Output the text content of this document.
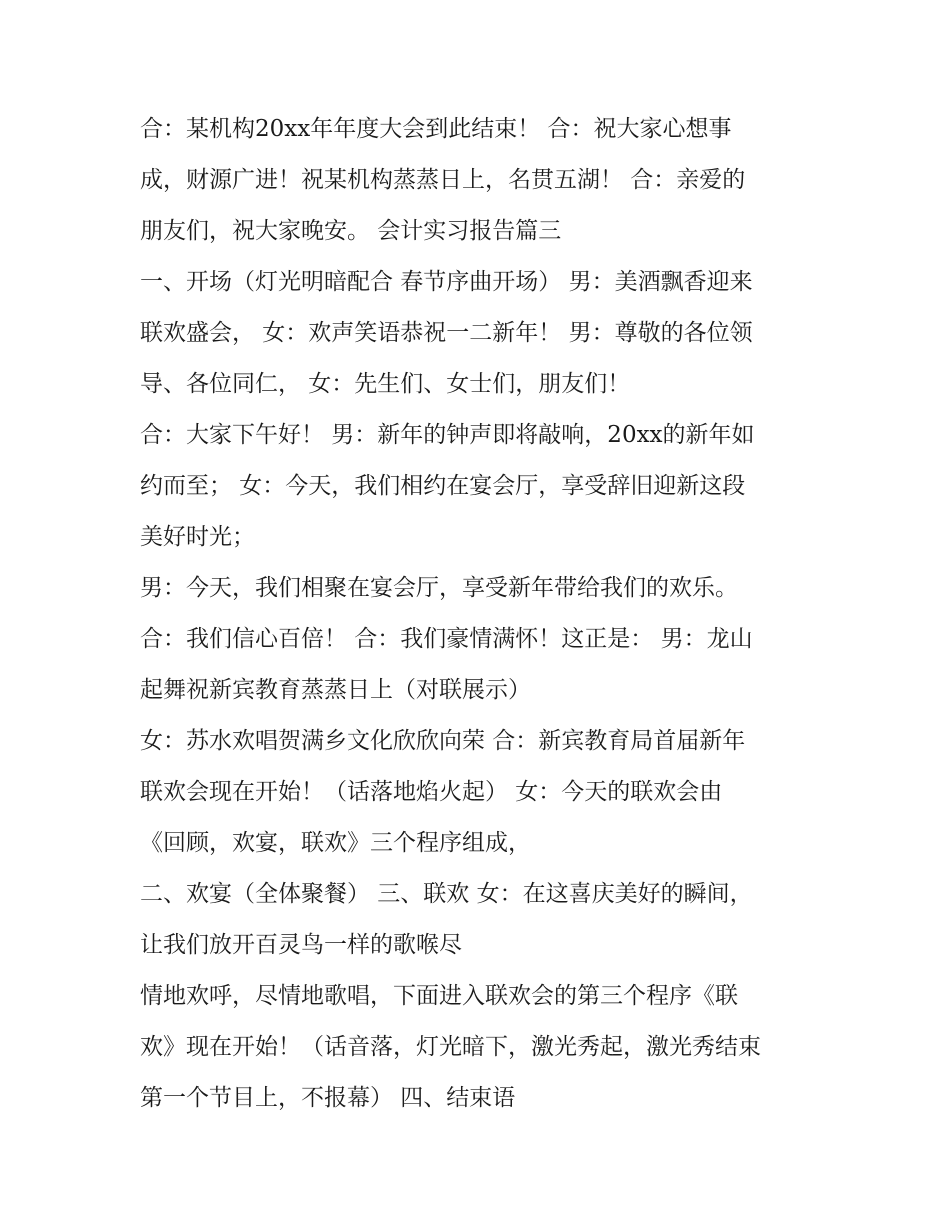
合：某机构20xx年年度大会到此结束！ 合：祝大家心想事
成，财源广进！祝某机构蒸蒸日上，名贯五湖！ 合：亲爱的
朋友们，祝大家晚安。 会计实习报告篇三
一、开场（灯光明暗配合 春节序曲开场） 男：美酒飘香迎来
联欢盛会， 女：欢声笑语恭祝一二新年！ 男：尊敬的各位领
导、各位同仁， 女：先生们、女士们，朋友们！
合：大家下午好！ 男：新年的钟声即将敲响，20xx的新年如
约而至； 女：今天，我们相约在宴会厅，享受辞旧迎新这段
美好时光；
男：今天，我们相聚在宴会厅，享受新年带给我们的欢乐。
合：我们信心百倍！ 合：我们豪情满怀！这正是： 男：龙山
起舞祝新宾教育蒸蒸日上（对联展示）
女：苏水欢唱贺满乡文化欣欣向荣 合：新宾教育局首届新年
联欢会现在开始！（话落地焰火起） 女：今天的联欢会由
《回顾，欢宴，联欢》三个程序组成，
二、欢宴（全体聚餐） 三、联欢 女：在这喜庆美好的瞬间，
让我们放开百灵鸟一样的歌喉尽
情地欢呼，尽情地歌唱，下面进入联欢会的第三个程序《联
欢》现在开始！（话音落，灯光暗下，激光秀起，激光秀结束
第一个节目上，不报幕） 四、结束语
